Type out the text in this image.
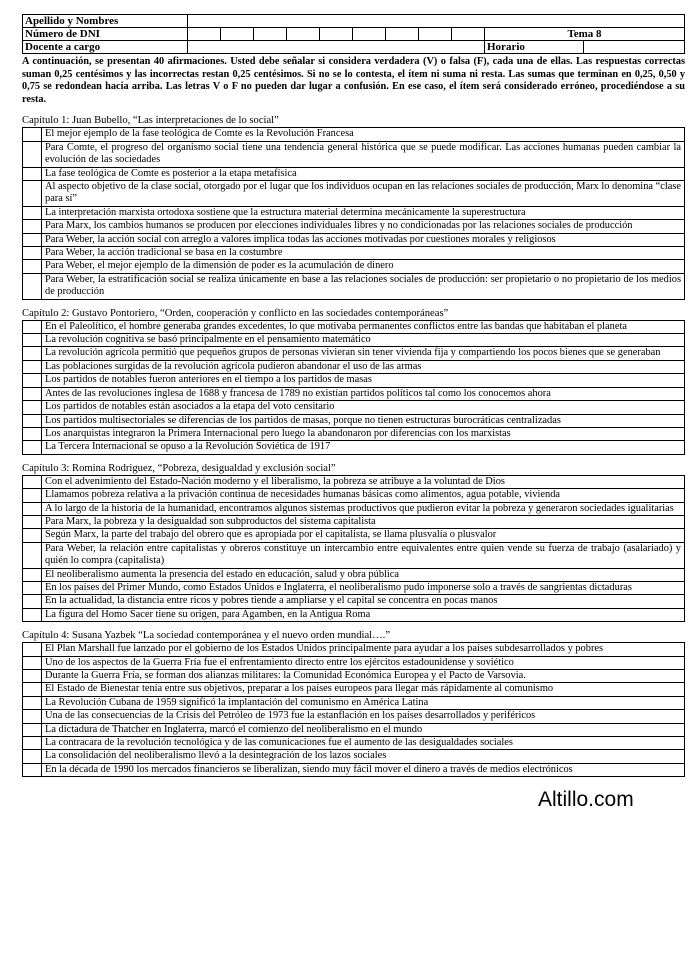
Apellido y Nombres										
Número de DNI										Tema 8
Docente a cargo										Horario
A continuación, se presentan 40 afirmaciones. Usted debe señalar si considera verdadera (V) o falsa (F), cada una de ellas. Las respuestas correctas suman 0,25 centésimos y las incorrectas restan 0,25 centésimos. Si no se lo contesta, el ítem ni suma ni resta. Las sumas que terminan en 0,25, 0,50 y 0,75 se redondean hacia arriba. Las letras V o F no pueden dar lugar a confusión. En ese caso, el ítem será considerado erróneo, procediéndose a su resta.

Capítulo 1: Juan Bubello, “Las interpretaciones de lo social”

	El mejor ejemplo de la fase teológica de Comte es la Revolución Francesa
	Para Comte, el progreso del organismo social tiene una tendencia general histórica que se puede modificar. Las acciones humanas pueden cambiar la evolución de las sociedades
	La fase teológica de Comte es posterior a la etapa metafísica
	Al aspecto objetivo de la clase social, otorgado por el lugar que los individuos ocupan en las relaciones sociales de producción, Marx lo denomina “clase para sí”
	La interpretación marxista ortodoxa sostiene que la estructura material determina mecánicamente la superestructura
	Para Marx, los cambios humanos se producen por elecciones individuales libres y no condicionadas por las relaciones sociales de producción
	Para Weber, la acción social con arreglo a valores implica todas las acciones motivadas por cuestiones morales y religiosos
	Para Weber, la acción tradicional se basa en la costumbre
	Para Weber, el mejor ejemplo de la dimensión de poder es la acumulación de dinero
	Para Weber, la estratificación social se realiza únicamente en base a las relaciones sociales de producción: ser propietario o no propietario de los medios de producción

Capítulo 2: Gustavo Pontoriero, “Orden, cooperación y conflicto en las sociedades contemporáneas”

	En el Paleolítico, el hombre generaba grandes excedentes, lo que motivaba permanentes conflictos entre las bandas que habitaban el planeta
	La revolución cognitiva se basó principalmente en el pensamiento matemático
	La revolución agrícola permitió que pequeños grupos de personas vivieran sin tener vivienda fija y compartiendo los pocos bienes que se generaban
	Las poblaciones surgidas de la revolución agrícola pudieron abandonar el uso de las armas
	Los partidos de notables fueron anteriores en el tiempo a los partidos de masas
	Antes de las revoluciones inglesa de 1688 y francesa de 1789 no existían partidos políticos tal como los conocemos ahora
	Los partidos de notables están asociados a la etapa del voto censitario
	Los partidos multisectoriales se diferencias de los partidos de masas, porque no tienen estructuras burocráticas centralizadas
	Los anarquistas integraron la Primera Internacional pero luego la abandonaron por diferencias con los marxistas
	La Tercera Internacional se opuso a la Revolución Soviética de 1917

Capítulo 3: Romina Rodriguez, “Pobreza, desigualdad y exclusión social”

	Con el advenimiento del Estado-Nación moderno y el liberalismo, la pobreza se atribuye a la voluntad de Dios
	Llamamos pobreza relativa a la privación continua de necesidades humanas básicas como alimentos, agua potable, vivienda
	A lo largo de la historia de la humanidad, encontramos algunos sistemas productivos que pudieron evitar la pobreza y generaron sociedades igualitarias
	Para Marx, la pobreza y la desigualdad son subproductos del sistema capitalista
	Según Marx, la parte del trabajo del obrero que es apropiada por el capitalista, se llama plusvalía o plusvalor
	Para Weber, la relación entre capitalistas y obreros constituye un intercambio entre equivalentes entre quien vende su fuerza de trabajo (asalariado) y quién lo compra (capitalista)
	El neoliberalismo aumenta la presencia del estado en educación, salud y obra pública
	En los países del Primer Mundo, como Estados Unidos e Inglaterra, el neoliberalismo pudo imponerse solo a través de sangrientas dictaduras
	En la actualidad, la distancia entre ricos y pobres tiende a ampliarse y el capital se concentra en pocas manos
	La figura del Homo Sacer tiene su origen, para Agamben, en la Antigua Roma

Capítulo 4: Susana Yazbek “La sociedad contemporánea y el nuevo orden mundial….”

	El Plan Marshall fue lanzado por el gobierno de los Estados Unidos principalmente para ayudar a los países subdesarrollados y pobres
	Uno de los aspectos de la Guerra Fría fue el enfrentamiento directo entre los ejércitos estadounidense y soviético
	Durante la Guerra Fría, se forman dos alianzas militares: la Comunidad Económica Europea y el Pacto de Varsovia.
	El Estado de Bienestar tenía entre sus objetivos, preparar a los países europeos para llegar más rápidamente al comunismo
	La Revolución Cubana de 1959 significó la implantación del comunismo en América Latina
	Una de las consecuencias de la Crisis del Petróleo de 1973 fue la estanflación en los países desarrollados y periféricos
	La dictadura de Thatcher en Inglaterra, marcó el comienzo del neoliberalismo en el mundo
	La contracara de la revolución tecnológica y de las comunicaciones fue el aumento de las desigualdades sociales
	La consolidación del neoliberalismo llevó a la desintegración de los lazos sociales
	En la década de 1990 los mercados financieros se liberalizan, siendo muy fácil mover el dinero a través de medios electrónicos
Altillo.com
